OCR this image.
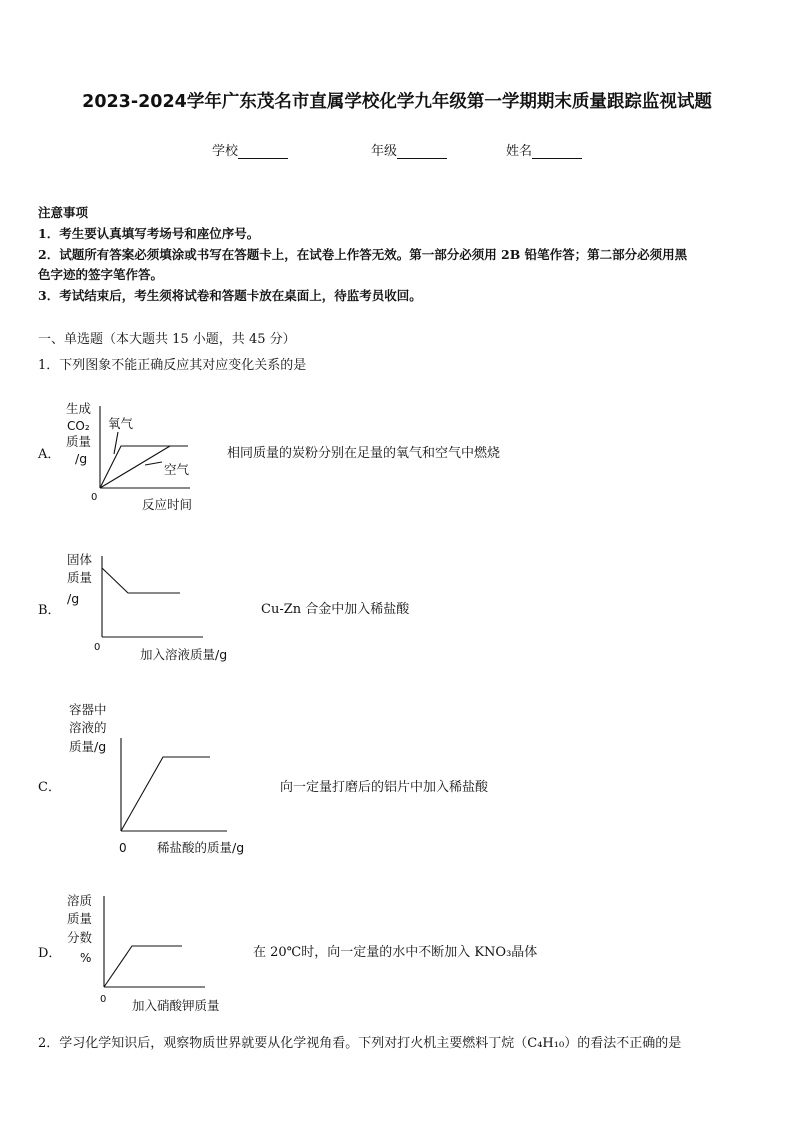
2023-2024学年广东茂名市直属学校化学九年级第一学期期末质量跟踪监视试题
学校	年级	姓名
注意事项
1．考生要认真填写考场号和座位序号。
2．试题所有答案必须填涂或书写在答题卡上，在试卷上作答无效。第一部分必须用 2B 铅笔作答；第二部分必须用黑
色字迹的签字笔作答。
3．考试结束后，考生须将试卷和答题卡放在桌面上，待监考员收回。
一、单选题（本大题共 15 小题，共 45 分）
1．下列图象不能正确反应其对应变化关系的是
A．
生成
CO₂
质量
/g
氧气
空气
0	反应时间
相同质量的炭粉分别在足量的氧气和空气中燃烧
B．
固体
质量
/g
0	加入溶液质量/g
Cu-Zn 合金中加入稀盐酸
C．
容器中
溶液的
质量/g
0 稀盐酸的质量/g
向一定量打磨后的铝片中加入稀盐酸
D．
溶质
质量
分数
%
0 加入硝酸钾质量
在 20℃时，向一定量的水中不断加入 KNO₃晶体
2．学习化学知识后，观察物质世界就要从化学视角看。下列对打火机主要燃料丁烷（C₄H₁₀）的看法不正确的是
